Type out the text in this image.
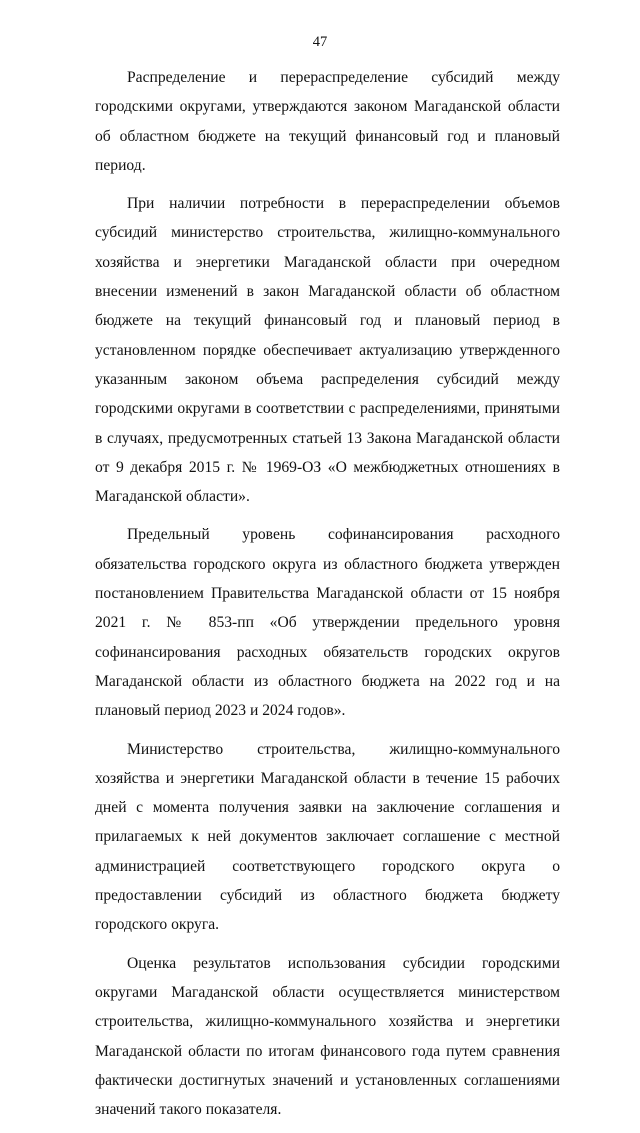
47

Распределение и перераспределение субсидий между городскими округами, утверждаются законом Магаданской области об областном бюджете на текущий финансовый год и плановый период.

При наличии потребности в перераспределении объемов субсидий министерство строительства, жилищно-коммунального хозяйства и энергетики Магаданской области при очередном внесении изменений в закон Магаданской области об областном бюджете на текущий финансовый год и плановый период в установленном порядке обеспечивает актуализацию утвержденного указанным законом объема распределения субсидий между городскими округами в соответствии с распределениями, принятыми в случаях, предусмотренных статьей 13 Закона Магаданской области от 9 декабря 2015 г. № 1969-ОЗ «О межбюджетных отношениях в Магаданской области».

Предельный уровень софинансирования расходного обязательства городского округа из областного бюджета утвержден постановлением Правительства Магаданской области от 15 ноября 2021 г. № 853-пп «Об утверждении предельного уровня софинансирования расходных обязательств городских округов Магаданской области из областного бюджета на 2022 год и на плановый период 2023 и 2024 годов».

Министерство строительства, жилищно-коммунального хозяйства и энергетики Магаданской области в течение 15 рабочих дней с момента получения заявки на заключение соглашения и прилагаемых к ней документов заключает соглашение с местной администрацией соответствующего городского округа о предоставлении субсидий из областного бюджета бюджету городского округа.

Оценка результатов использования субсидии городскими округами Магаданской области осуществляется министерством строительства, жилищно-коммунального хозяйства и энергетики Магаданской области по итогам финансового года путем сравнения фактически достигнутых значений и установленных соглашениями значений такого показателя.
